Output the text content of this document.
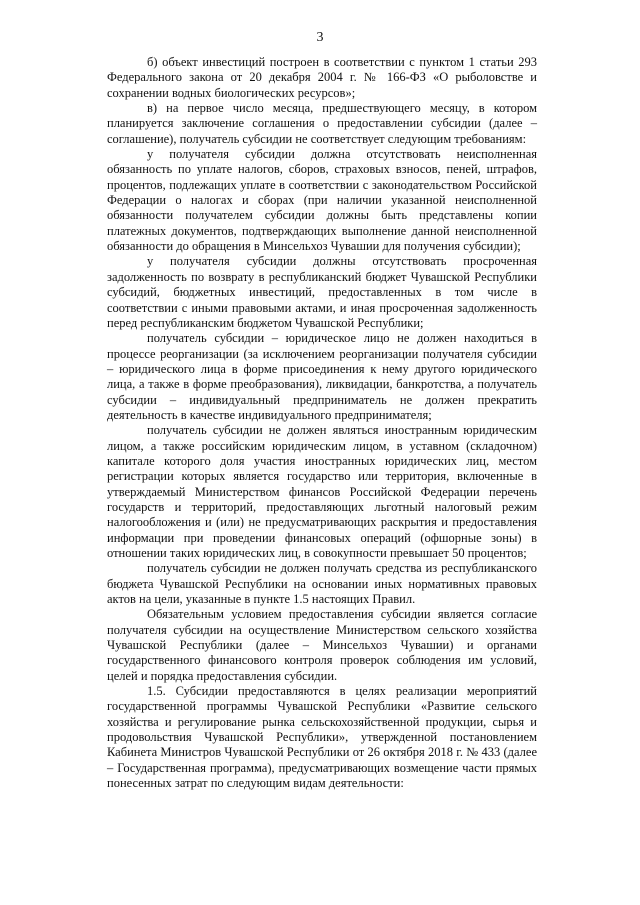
3

б) объект инвестиций построен в соответствии с пунктом 1 статьи 293 Федерального закона от 20 декабря 2004 г. № 166-ФЗ «О рыболовстве и сохранении водных биологических ресурсов»;

в) на первое число месяца, предшествующего месяцу, в котором планируется заключение соглашения о предоставлении субсидии (далее – соглашение), получатель субсидии не соответствует следующим требованиям:

у получателя субсидии должна отсутствовать неисполненная обязанность по уплате налогов, сборов, страховых взносов, пеней, штрафов, процентов, подлежащих уплате в соответствии с законодательством Российской Федерации о налогах и сборах (при наличии указанной неисполненной обязанности получателем субсидии должны быть представлены копии платежных документов, подтверждающих выполнение данной неисполненной обязанности до обращения в Минсельхоз Чувашии для получения субсидии);

у получателя субсидии должны отсутствовать просроченная задолженность по возврату в республиканский бюджет Чувашской Республики субсидий, бюджетных инвестиций, предоставленных в том числе в соответствии с иными правовыми актами, и иная просроченная задолженность перед республиканским бюджетом Чувашской Республики;

получатель субсидии – юридическое лицо не должен находиться в процессе реорганизации (за исключением реорганизации получателя субсидии – юридического лица в форме присоединения к нему другого юридического лица, а также в форме преобразования), ликвидации, банкротства, а получатель субсидии – индивидуальный предприниматель не должен прекратить деятельность в качестве индивидуального предпринимателя;

получатель субсидии не должен являться иностранным юридическим лицом, а также российским юридическим лицом, в уставном (складочном) капитале которого доля участия иностранных юридических лиц, местом регистрации которых является государство или территория, включенные в утверждаемый Министерством финансов Российской Федерации перечень государств и территорий, предоставляющих льготный налоговый режим налогообложения и (или) не предусматривающих раскрытия и предоставления информации при проведении финансовых операций (офшорные зоны) в отношении таких юридических лиц, в совокупности превышает 50 процентов;

получатель субсидии не должен получать средства из республиканского бюджета Чувашской Республики на основании иных нормативных правовых актов на цели, указанные в пункте 1.5 настоящих Правил.

Обязательным условием предоставления субсидии является согласие получателя субсидии на осуществление Министерством сельского хозяйства Чувашской Республики (далее – Минсельхоз Чувашии) и органами государственного финансового контроля проверок соблюдения им условий, целей и порядка предоставления субсидии.

1.5. Субсидии предоставляются в целях реализации мероприятий государственной программы Чувашской Республики «Развитие сельского хозяйства и регулирование рынка сельскохозяйственной продукции, сырья и продовольствия Чувашской Республики», утвержденной постановлением Кабинета Министров Чувашской Республики от 26 октября 2018 г. № 433 (далее – Государственная программа), предусматривающих возмещение части прямых понесенных затрат по следующим видам деятельности:
